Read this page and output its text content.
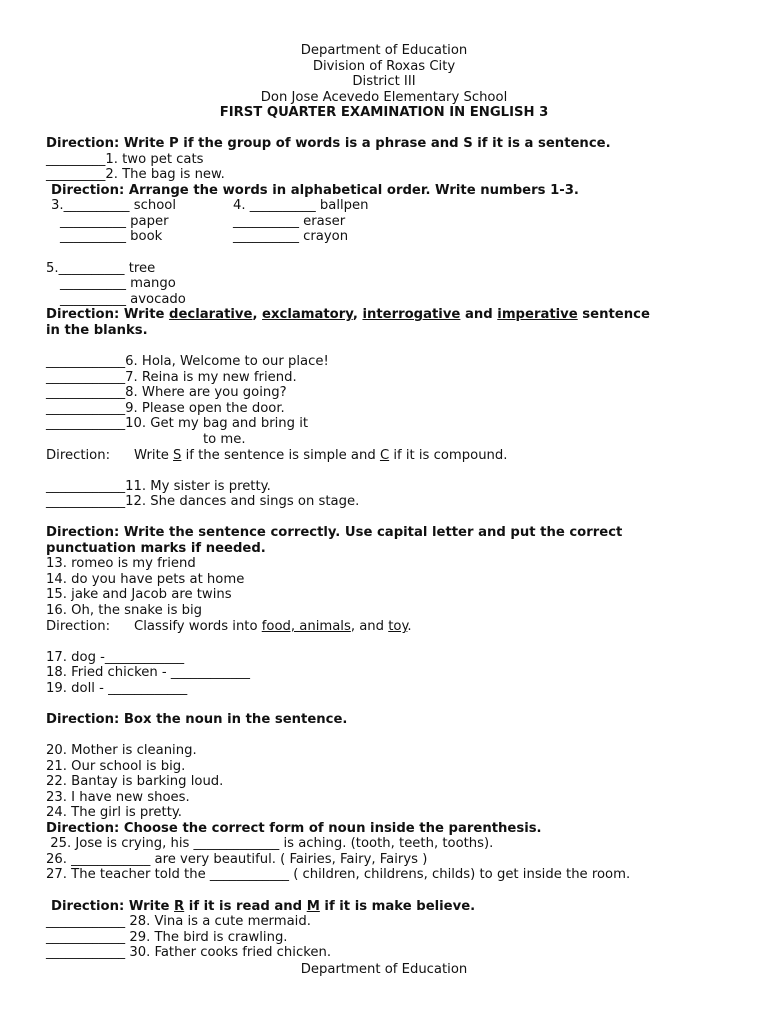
Department of Education
Division of Roxas City
District III
Don Jose Acevedo Elementary School
FIRST QUARTER EXAMINATION IN ENGLISH 3
Direction: Write P if the group of words is a phrase and S if it is a sentence.
_________1. two pet cats
_________2. The bag is new.
Direction: Arrange the words in alphabetical order. Write numbers 1-3.
3.__________ school	4. __________ ballpen
__________ paper	__________ eraser
__________ book	__________ crayon
5.__________ tree
__________ mango
__________ avocado
Direction: Write declarative, exclamatory, interrogative and imperative sentence
in the blanks.
____________6. Hola, Welcome to our place!
____________7. Reina is my new friend.
____________8. Where are you going?
____________9. Please open the door.
____________10. Get my bag and bring it
to me.
Direction: Write S if the sentence is simple and C if it is compound.
____________11. My sister is pretty.
____________12. She dances and sings on stage.
Direction: Write the sentence correctly. Use capital letter and put the correct
punctuation marks if needed.
13. romeo is my friend
14. do you have pets at home
15. jake and Jacob are twins
16. Oh, the snake is big
Direction: Classify words into food, animals, and toy.
17. dog -____________
18. Fried chicken - ____________
19. doll - ____________
Direction: Box the noun in the sentence.
20. Mother is cleaning.
21. Our school is big.
22. Bantay is barking loud.
23. I have new shoes.
24. The girl is pretty.
Direction: Choose the correct form of noun inside the parenthesis.
25. Jose is crying, his _____________ is aching. (tooth, teeth, tooths).
26. ____________ are very beautiful. ( Fairies, Fairy, Fairys )
27. The teacher told the ____________ ( children, childrens, childs) to get inside the room.
Direction: Write R if it is read and M if it is make believe.
____________ 28. Vina is a cute mermaid.
____________ 29. The bird is crawling.
____________ 30. Father cooks fried chicken.
Department of Education
